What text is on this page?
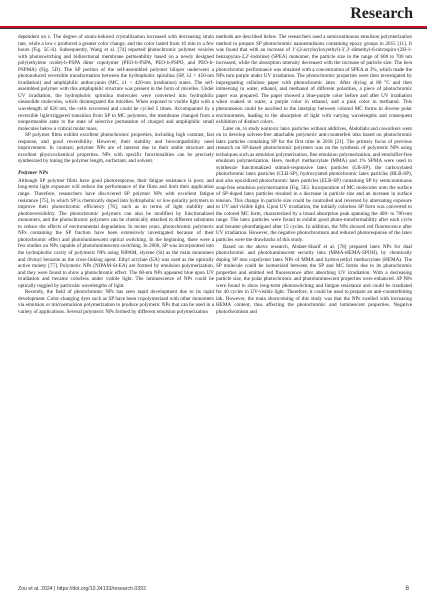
Research

dependent on ε. The degree of strain-induced crystallization increased with decreasing strain rate, while a low ε produced a greater color change, and the color lasted from 10 min to a few hours (Fig. 5C-ii). Subsequently, Wang et al. [74] reported photochromic polymer vesicles with photoswitching and bidirectional membrane permeability based on a newly designed poly(ethylene oxide)-b-PSPA diner copolymer (PEO-b-PSPA, PEO-b-PSPO, and PEO-b-PSPMA) (Fig. 5D). The SP portion of the self-assembled polymer bilayer underwent a photoinduced reversible transformation between the hydrophobic spirulina (SP, λ2 > 450-nm irradiation) and amphiphilic anthocyanin (MC, λ1 < 420-nm irradiation) states. The self-assembled polymer with this amphiphilic structure was present in the form of micelles. Under UV irradiation, the hydrophobic spirulina molecules were converted into hydrophilic oleanolide molecules, which disintegrated the micelles. When exposed to visible light with a wavelength of 620 nm, the cells recovered and could be cycled 5 times. Accompanied by a reversible light-triggered transition from SP to MC polymers, the membrane changed from a nonpermeable state to the state of selective permeation of charged and amphiphilic small molecules below a critical molar mass.

SP polymer films exhibit excellent photochromic properties, including high contrast, fast response, and good reversibility. However, their stability and biocompatibility need improvement. In contrast, polymer NPs are of interest due to their stable structure and excellent physicochemical properties. NPs with specific functionalities can be precisely synthesized by tuning the polymer length, surfactant, and solvent.

Polymer NPs

Although SP polymer films have good photoresponse, their fatigue resistance is poor, and long-term light exposure will reduce the performance of the films and limit their application range. Therefore, researchers have discovered SP polymer NPs with excellent fatigue resistance [75], in which SP is chemically doped into hydrophobic or low-polarity polymers to improve their photochromic efficiency [76], such as in terms of light stability and photoreversibility. The photochromic polymers can also be modified by functionalized monomers, and the photochromic polymers can be chemically attached to different substrates to reduce the effects of environmental degradation. In recent years, photochromic polymeric NPs containing the SP fraction have been extensively investigated because of their photochromic effect and photoluminescent optical switching. In the beginning, there were a few studies on NPs capable of photoluminescent switching. In 2006, SP was incorporated into the hydrophobic cavity of polymeric NPs using NIPAM, styrene (St) as the main monomers and divinyl benzene as the cross-linking agent. Ethyl acrylate (EA) was used as the optically active moiety [77]. Polymeric NPs (NIPAM-St-EA) are formed by emulsion polymerization, and they were found to show a photochromic effect. The 68-nm NPs appeared blue upon UV irradiation and became colorless under visible light. The luminescence of NPs could be optically toggled by particular wavelengths of light.

Recently, the field of photochromic NPs has seen rapid development due to its rapid development. Color-changing dyes such as SP have been copolymerized with other monomers via emulsion or microemulsion polymerization to produce polymeric NPs that can be used in a variety of applications. Several polymeric NPs formed by different emulsion polymerization

methods are described below. The researchers used a semicontinuous emulsion polymerization method to prepare SP photochromic nanoemulsions containing epoxy groups in 2015 [11]. It was found that with an increase of 1′-(2-acryloyloxyethyl)-3′,3′-dimethyl-6-nitrospiro-(2H-1-benzopyran-2,2′-indoline) (SPEA) monomer, the particle size in the range of 600 to 700 nm increased, while the absorption intensity decreased with the increase of particle size. The best photochromic performance was obtained with a concentration of SPEA at 3%, which made the NPs turn purple under UV irradiation. The photochromic properties were then investigated by impregnating cellulose paper with photochromic latex. After drying at 80 °C and then immersing in water, ethanol, and methanol of different polarities, a piece of photochromic paper was prepared. The paper showed a blue-purple color before and after UV irradiation when soaked in water, a purple color in ethanol, and a pink color in methanol. This phenomenon could be ascribed to the interplay between colored MC forms in diverse polar environments, leading to the absorption of light with varying wavelengths and consequent exhibition of distinct colors.

Later on, to study nontoxic latex particles without additives, Abdollahi and coworkers went on to develop solvent-free attachable polymeric anti-counterfeit inks based on photochromic latex particles containing SP for the first time in 2018 [21]. The primary focus of previous research on SP-based photochromic polymers was on the synthesis of polymeric NPs using techniques such as emulsion polymerization, fine emulsion polymerization, and emulsifier-free emulsion polymerization. Here, methyl methacrylate (MMA) and 1% SPMA were used to synthesize functionalized stimuli-responsive latex particles (LB-SP), the carboxylated photochromic latex particles (CLB-SP), hydroxylated photochromic latex particles (HLB-SP), and also epoxidized photochromic latex particles (ELB-SP) containing SP by semicontinuous soap-free emulsion polymerization (Fig. 5E). Incorporation of MC molecules onto the surface of SP-doped latex particles resulted in a decrease in particle size and an increase in surface tension. This change in particle size could be controlled and reversed by alternating exposure to UV and visible light. Upon UV irradiation, the initially colorless SP form was converted to the colored MC form, characterized by a broad absorption peak spanning the 400- to 700-nm range. The latex particles were found to exhibit good photo-transformability after each cycle and became photofatigued after 15 cycles. In addition, the NPs showed red fluorescence after UV irradiation. However, the negative photochromism and reduced photoresponse of the latex particles were the drawbacks of this study.

Based on the above research, Abdaei-Sharif et al. [78] prepared latex NPs for dual photochromic and photoluminescent security inks (MMA-HEMA-SPOH), by chemically doping SP into copolymer latex NPs of MMA and hydroxyethyl methacrylate (HEMA). The SP molecule could be isomerized between the SP and MC forms due to its photochromic properties and emitted red fluorescence after absorbing UV irradiation. With a decreasing particle size, the polar photochromic and photoluminescent properties were enhanced. SP NPs were found to show long-term photoswitching and fatigue resistance and could be irradiated for 40 cycles in UV-visible light. Therefore, it could be used to prepare an anti-counterfeiting ink. However, the main shortcoming of this study was that the NPs swelled with increasing HEMA content, thus affecting the photochromic and luminescent properties. Negative photochromism and

Zou et al. 2024 | https://doi.org/10.34133/research.0392	8
